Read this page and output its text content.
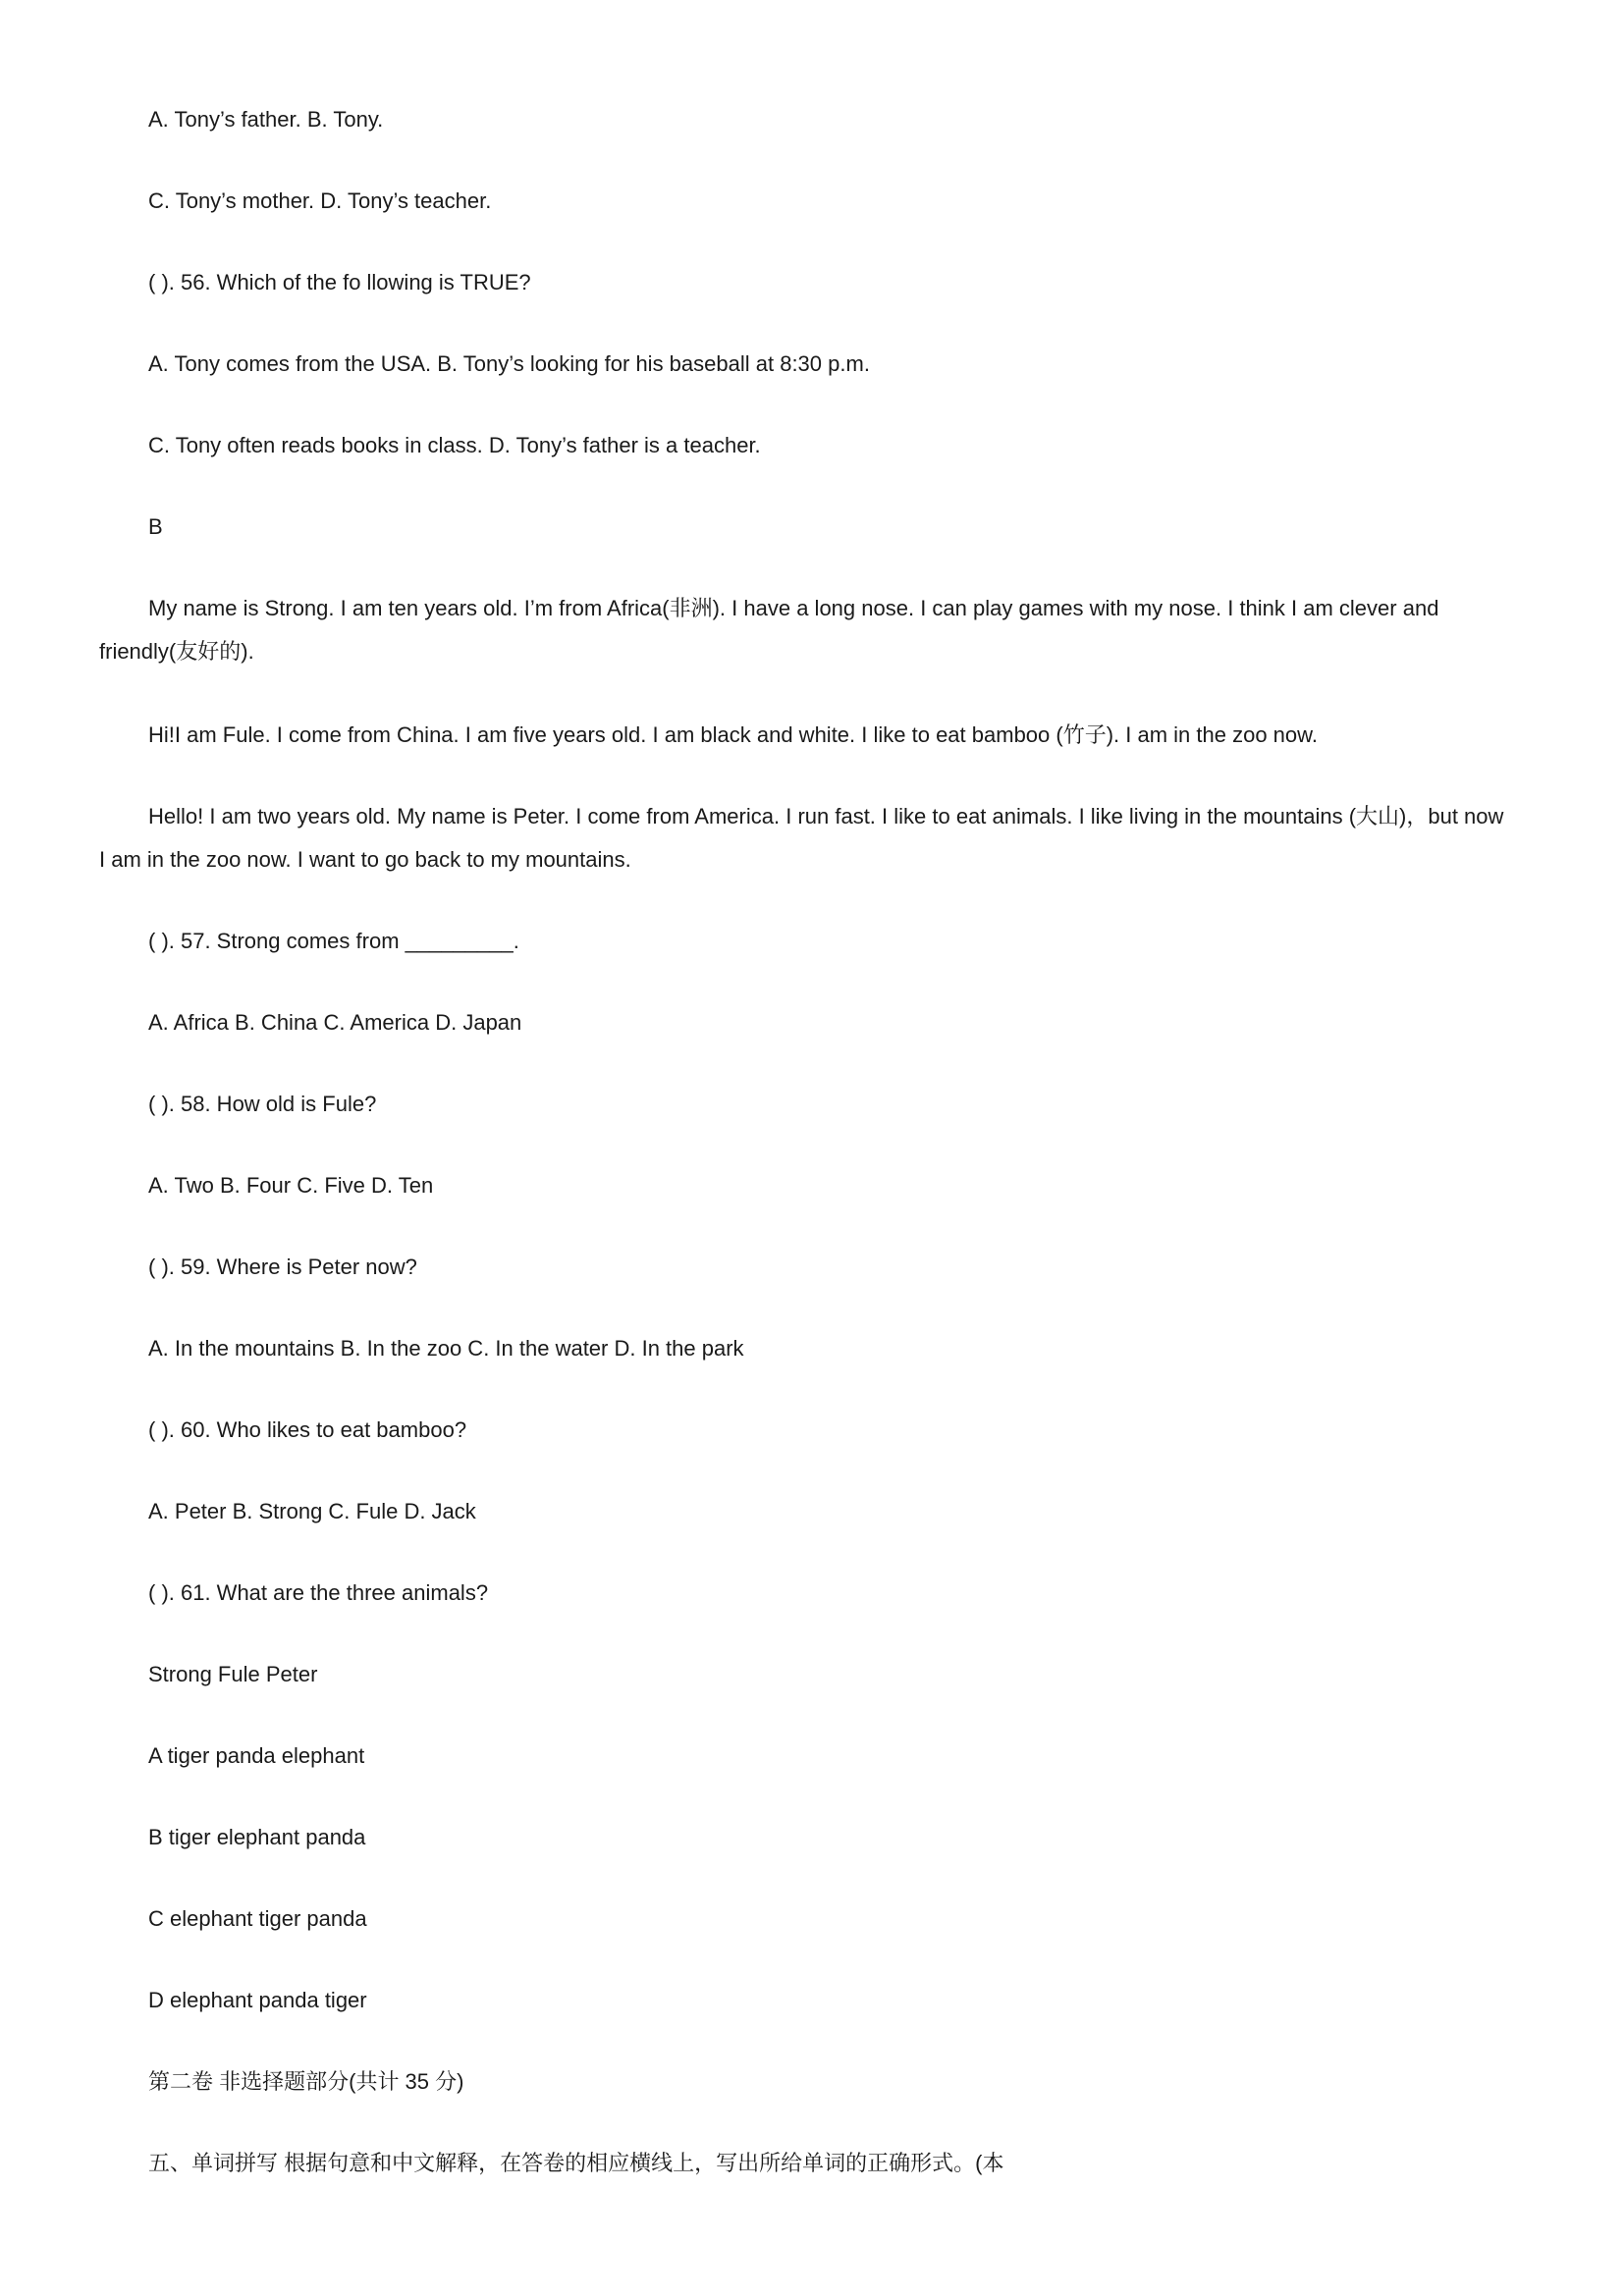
A. Tony’s father. B. Tony.
C. Tony’s mother. D. Tony’s teacher.
( ). 56. Which of the fo llowing is TRUE?
A. Tony comes from the USA. B. Tony’s looking for his baseball at 8:30 p.m.
C. Tony often reads books in class. D. Tony’s father is a teacher.
B
My name is Strong. I am ten years old. I’m from Africa(非洲). I have a long nose. I can play games with my nose. I think I am clever and friendly(友好的).
Hi!I am Fule. I come from China. I am five years old. I am black and white. I like to eat bamboo (竹子). I am in the zoo now.
Hello! I am two years old. My name is Peter. I come from America. I run fast. I like to eat animals. I like living in the mountains (大山)，but now I am in the zoo now. I want to go back to my mountains.
( ). 57. Strong comes from _________.
A. Africa B. China C. America D. Japan
( ). 58. How old is Fule?
A. Two B. Four C. Five D. Ten
( ). 59. Where is Peter now?
A. In the mountains B. In the zoo C. In the water D. In the park
( ). 60. Who likes to eat bamboo?
A. Peter B. Strong C. Fule D. Jack
( ). 61. What are the three animals?
Strong Fule Peter
A tiger panda elephant
B tiger elephant panda
C elephant tiger panda
D elephant panda tiger
第二卷 非选择题部分(共计 35 分)
五、单词拼写 根据句意和中文解释，在答卷的相应横线上，写出所给单词的正确形式。(本
